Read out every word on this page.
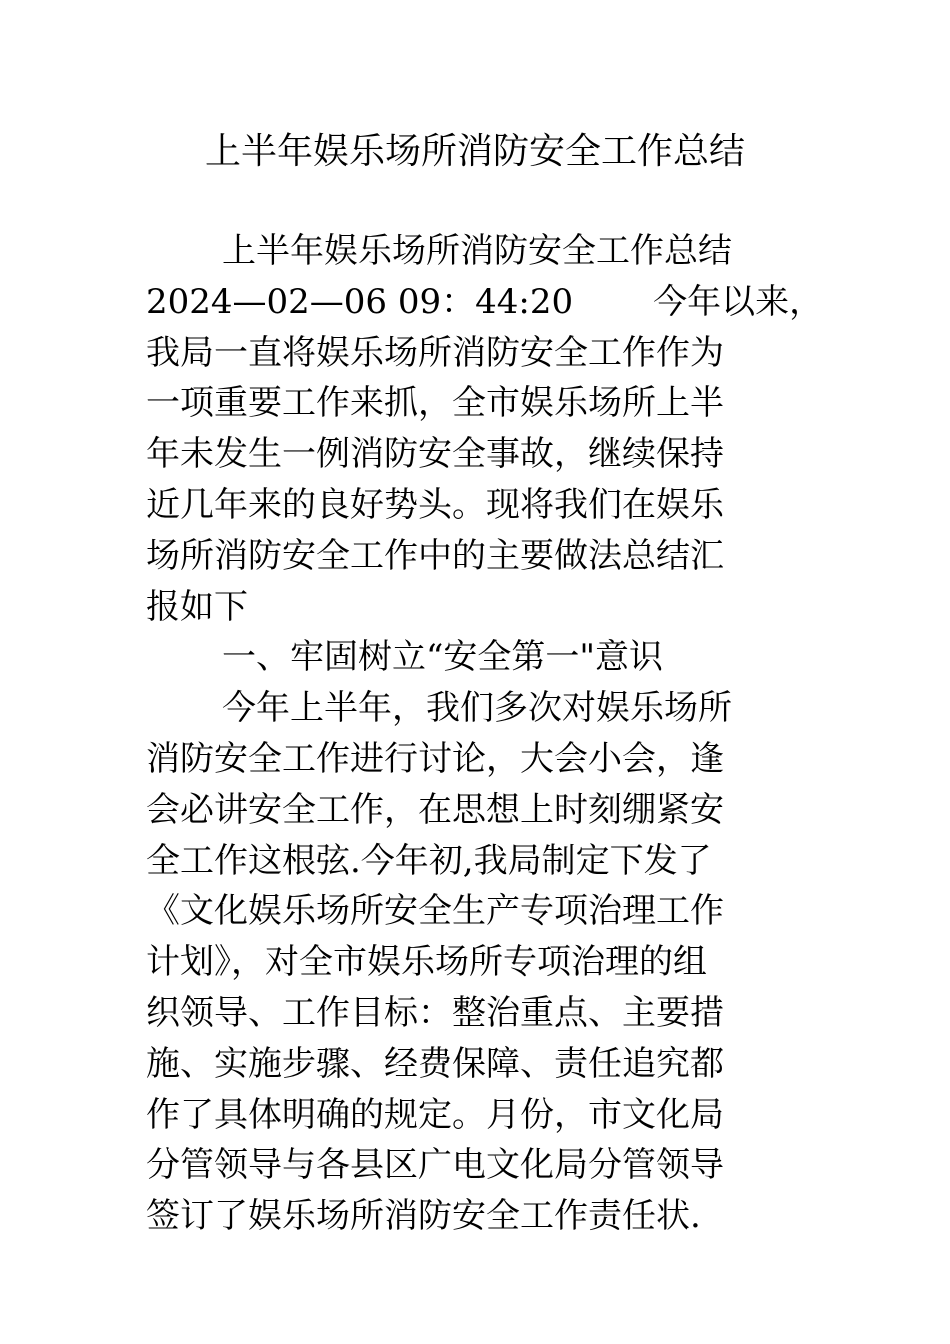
上半年娱乐场所消防安全工作总结
上半年娱乐场所消防安全工作总结
2024—02—06 09：44:20 今年以来，
我局一直将娱乐场所消防安全工作作为
一项重要工作来抓，全市娱乐场所上半
年未发生一例消防安全事故，继续保持
近几年来的良好势头。现将我们在娱乐
场所消防安全工作中的主要做法总结汇
报如下
一、牢固树立“安全第一"意识
今年上半年，我们多次对娱乐场所
消防安全工作进行讨论，大会小会，逢
会必讲安全工作，在思想上时刻绷紧安
全工作这根弦.今年初,我局制定下发了
《文化娱乐场所安全生产专项治理工作
计划》，对全市娱乐场所专项治理的组
织领导、工作目标：整治重点、主要措
施、实施步骤、经费保障、责任追究都
作了具体明确的规定。月份，市文化局
分管领导与各县区广电文化局分管领导
签订了娱乐场所消防安全工作责任状.
